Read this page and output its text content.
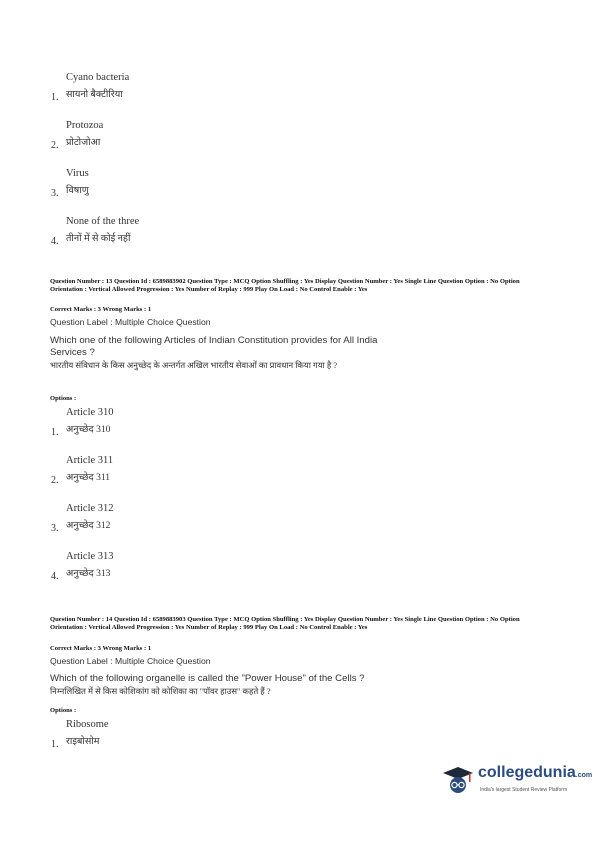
Cyano bacteria
सायनो बैक्टीरिया
1.
Protozoa
प्रोटोजोआ
2.
Virus
विषाणु
3.
None of the three
तीनों में से कोई नहीं
4.
Question Number : 13 Question Id : 6589883902 Question Type : MCQ Option Shuffling : Yes Display Question Number : Yes Single Line Question Option : No Option Orientation : Vertical Allowed Progression : Yes Number of Replay : 999 Play On Load : No Control Enable : Yes
Correct Marks : 3 Wrong Marks : 1
Question Label : Multiple Choice Question
Which one of the following Articles of Indian Constitution provides for All India Services ?
भारतीय संविधान के किस अनुच्छेद के अन्तर्गत अखिल भारतीय सेवाओं का प्रावधान किया गया है ?
Options :
Article 310
अनुच्छेद 310
1.
Article 311
अनुच्छेद 311
2.
Article 312
अनुच्छेद 312
3.
Article 313
अनुच्छेद 313
4.
Question Number : 14 Question Id : 6589883903 Question Type : MCQ Option Shuffling : Yes Display Question Number : Yes Single Line Question Option : No Option Orientation : Vertical Allowed Progression : Yes Number of Replay : 999 Play On Load : No Control Enable : Yes
Correct Marks : 3 Wrong Marks : 1
Question Label : Multiple Choice Question
Which of the following organelle is called the "Power House" of the Cells ?
निम्नलिखित में से किस कोशिकांग को कोशिका का "पॉवर हाउस" कहते हैं ?
Options :
Ribosome
राइबोसोम
1.
collegedunia.com
India's largest Student Review Platform
